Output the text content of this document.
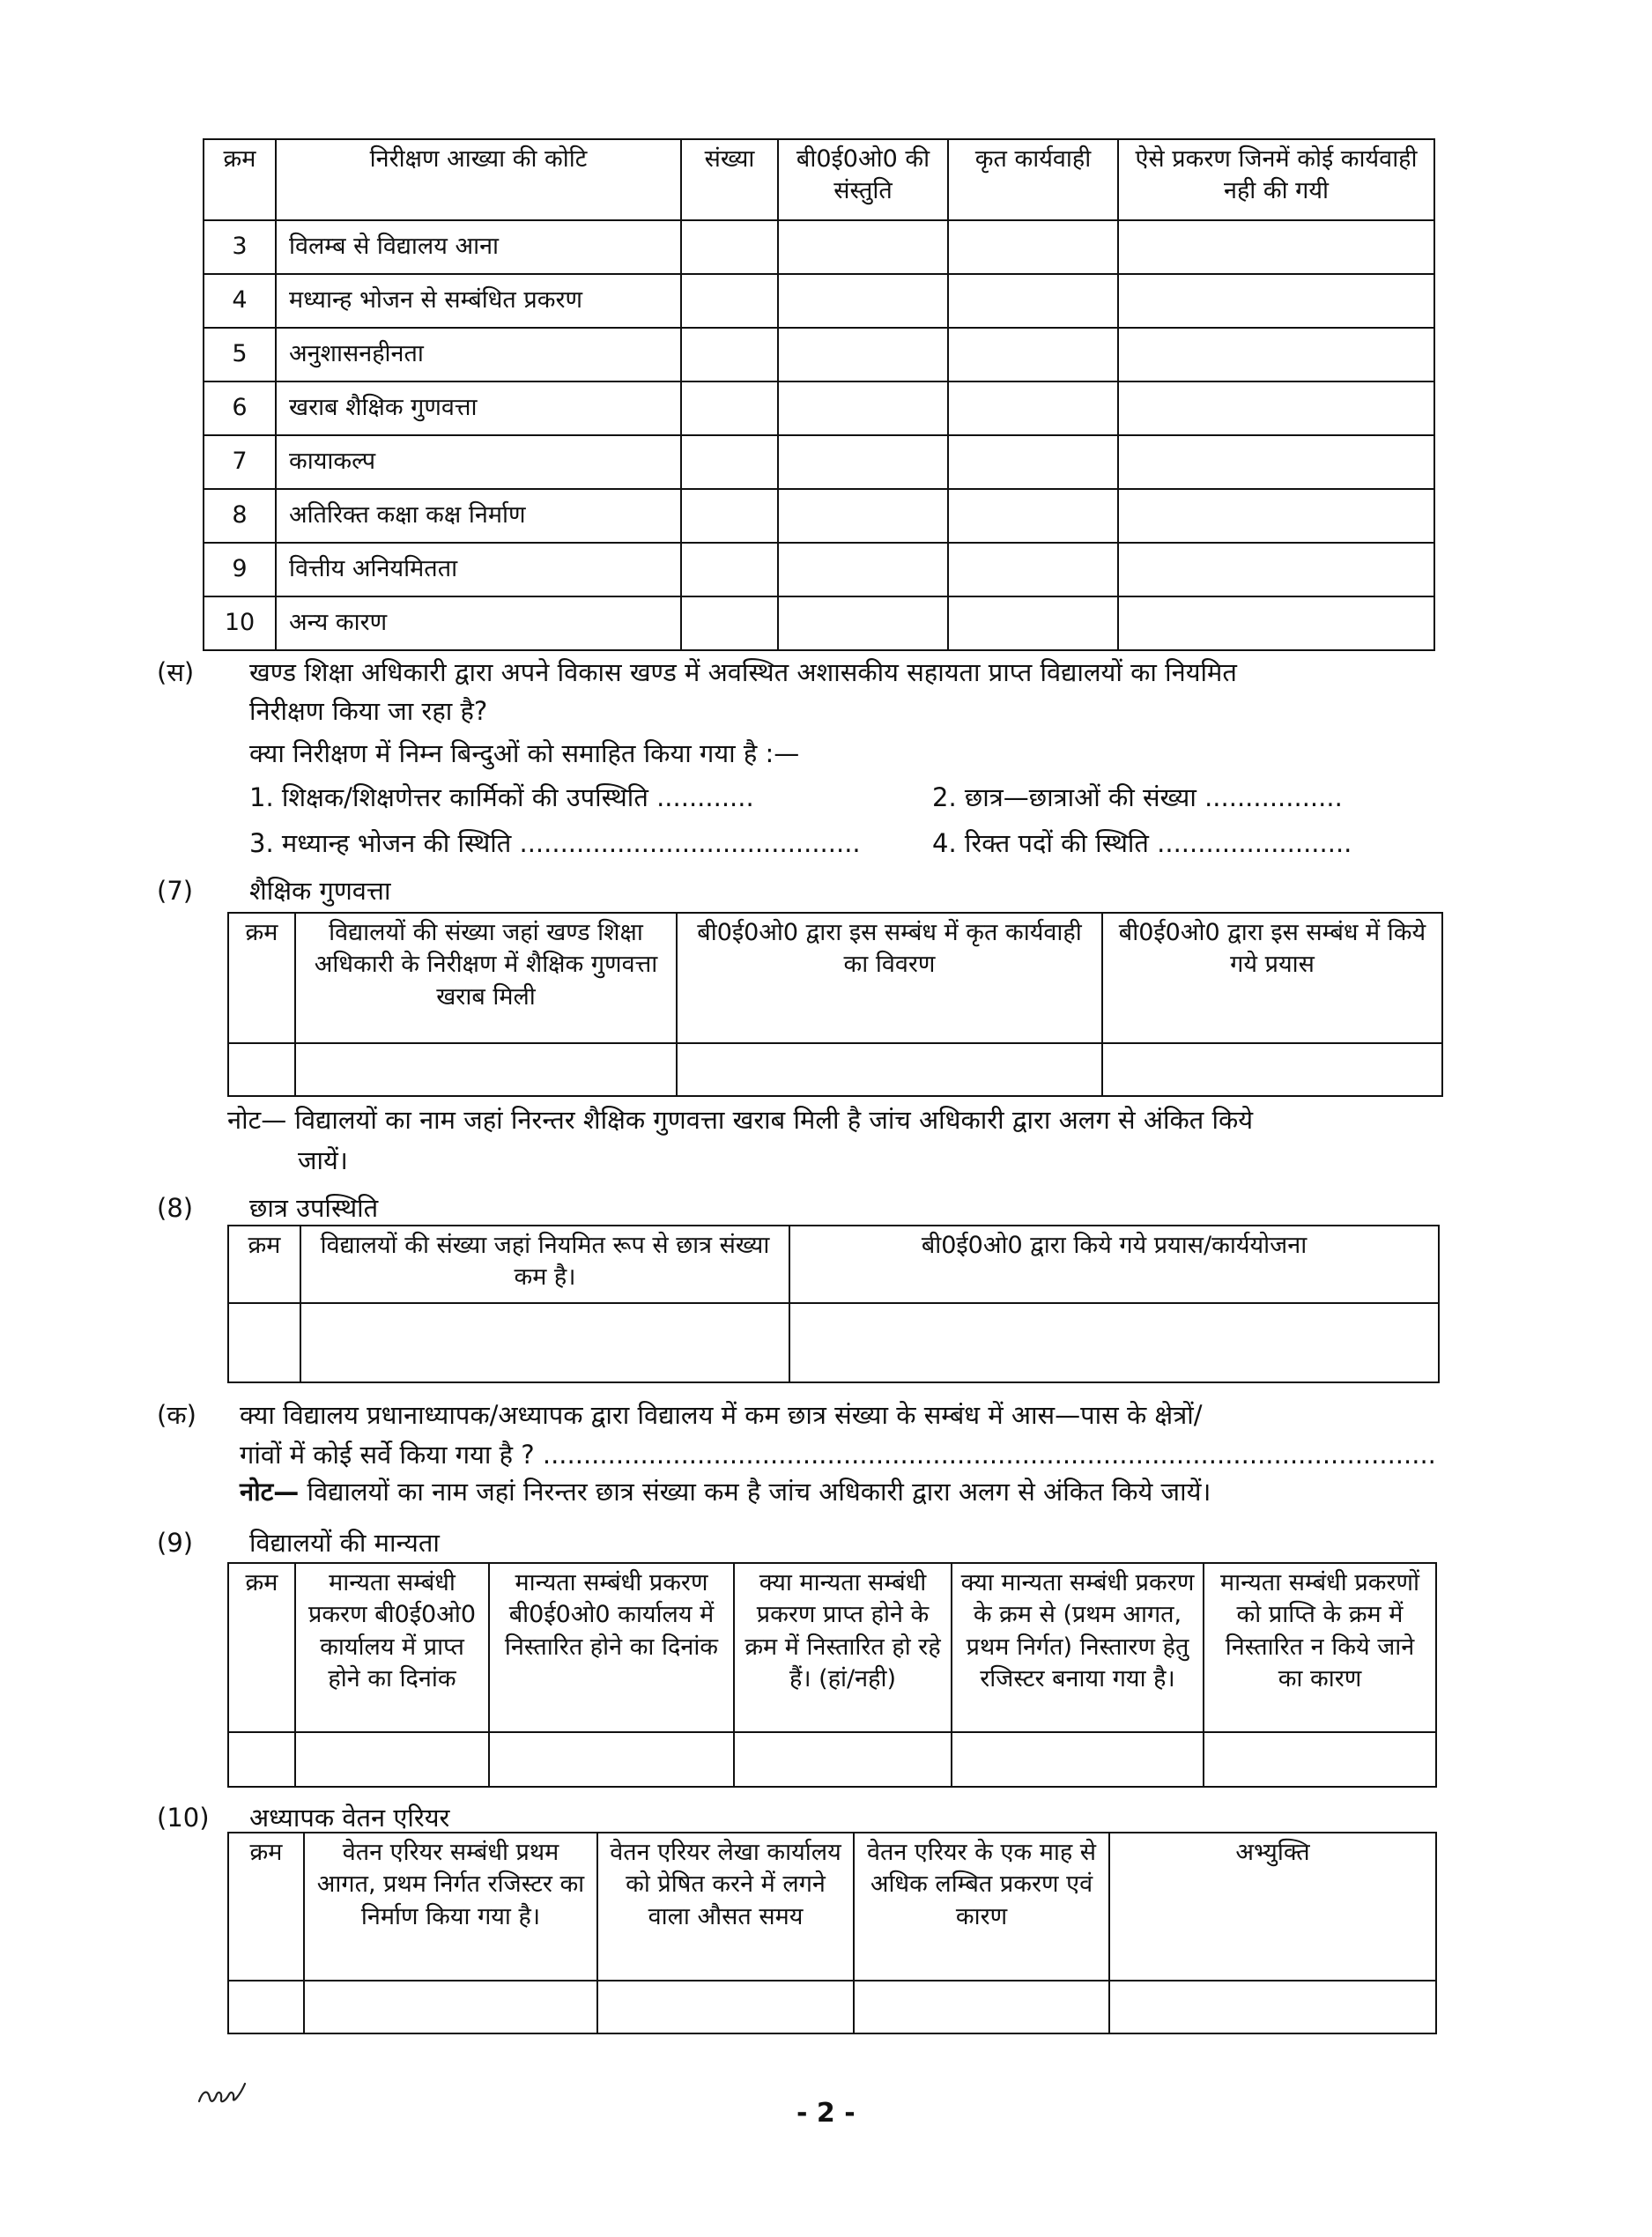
क्रम	निरीक्षण आख्या की कोटि	संख्या	बी0ई0ओ0 की संस्तुति	कृत कार्यवाही	ऐसे प्रकरण जिनमें कोई कार्यवाही नही की गयी
3	विलम्ब से विद्यालय आना				
4	मध्यान्ह भोजन से सम्बंधित प्रकरण				
5	अनुशासनहीनता				
6	खराब शैक्षिक गुणवत्ता				
7	कायाकल्प				
8	अतिरिक्त कक्षा कक्ष निर्माण				
9	वित्तीय अनियमितता				
10	अन्य कारण				
(स) खण्ड शिक्षा अधिकारी द्वारा अपने विकास खण्ड में अवस्थित अशासकीय सहायता प्राप्त विद्यालयों का नियमित
निरीक्षण किया जा रहा है?
क्या निरीक्षण में निम्न बिन्दुओं को समाहित किया गया है :—
1. शिक्षक/शिक्षणेत्तर कार्मिकों की उपस्थिति ............	2. छात्र—छात्राओं की संख्या .................
3. मध्यान्ह भोजन की स्थिति ..........................................	4. रिक्त पदों की स्थिति ........................
(7) शैक्षिक गुणवत्ता
क्रम	विद्यालयों की संख्या जहां खण्ड शिक्षा अधिकारी के निरीक्षण में शैक्षिक गुणवत्ता खराब मिली	बी0ई0ओ0 द्वारा इस सम्बंध में कृत कार्यवाही का विवरण	बी0ई0ओ0 द्वारा इस सम्बंध में किये गये प्रयास

नोट— विद्यालयों का नाम जहां निरन्तर शैक्षिक गुणवत्ता खराब मिली है जांच अधिकारी द्वारा अलग से अंकित किये
जायें।
(8) छात्र उपस्थिति
क्रम	विद्यालयों की संख्या जहां नियमित रूप से छात्र संख्या कम है।	बी0ई0ओ0 द्वारा किये गये प्रयास/कार्ययोजना

(क) क्या विद्यालय प्रधानाध्यापक/अध्यापक द्वारा विद्यालय में कम छात्र संख्या के सम्बंध में आस—पास के क्षेत्रों/
गांवों में कोई सर्वे किया गया है ? ..............................................................................................................
नोट— विद्यालयों का नाम जहां निरन्तर छात्र संख्या कम है जांच अधिकारी द्वारा अलग से अंकित किये जायें।
(9) विद्यालयों की मान्यता
क्रम	मान्यता सम्बंधी प्रकरण बी0ई0ओ0 कार्यालय में प्राप्त होने का दिनांक	मान्यता सम्बंधी प्रकरण बी0ई0ओ0 कार्यालय में निस्तारित होने का दिनांक	क्या मान्यता सम्बंधी प्रकरण प्राप्त होने के क्रम में निस्तारित हो रहे हैं। (हां/नही)	क्या मान्यता सम्बंधी प्रकरण के क्रम से (प्रथम आगत, प्रथम निर्गत) निस्तारण हेतु रजिस्टर बनाया गया है।	मान्यता सम्बंधी प्रकरणों को प्राप्ति के क्रम में निस्तारित न किये जाने का कारण

(10) अध्यापक वेतन एरियर
क्रम	वेतन एरियर सम्बंधी प्रथम आगत, प्रथम निर्गत रजिस्टर का निर्माण किया गया है।	वेतन एरियर लेखा कार्यालय को प्रेषित करने में लगने वाला औसत समय	वेतन एरियर के एक माह से अधिक लम्बित प्रकरण एवं कारण	अभ्युक्ति

- 2 -
